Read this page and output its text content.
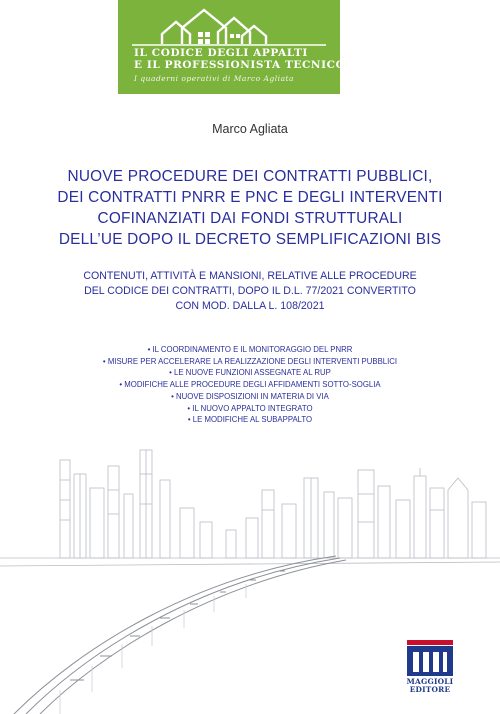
IL CODICE DEGLI APPALTI
E IL PROFESSIONISTA TECNICO
I quaderni operativi di Marco Agliata
Marco Agliata
NUOVE PROCEDURE DEI CONTRATTI PUBBLICI,
DEI CONTRATTI PNRR E PNC E DEGLI INTERVENTI
COFINANZIATI DAI FONDI STRUTTURALI
DELL’UE DOPO IL DECRETO SEMPLIFICAZIONI BIS
CONTENUTI, ATTIVITÀ E MANSIONI, RELATIVE ALLE PROCEDURE
DEL CODICE DEI CONTRATTI, DOPO IL D.L. 77/2021 CONVERTITO
CON MOD. DALLA L. 108/2021
• IL COORDINAMENTO E IL MONITORAGGIO DEL PNRR
• MISURE PER ACCELERARE LA REALIZZAZIONE DEGLI INTERVENTI PUBBLICI
• LE NUOVE FUNZIONI ASSEGNATE AL RUP
• MODIFICHE ALLE PROCEDURE DEGLI AFFIDAMENTI SOTTO-SOGLIA
• NUOVE DISPOSIZIONI IN MATERIA DI VIA
• IL NUOVO APPALTO INTEGRATO
• LE MODIFICHE AL SUBAPPALTO
MAGGIOLI
EDITORE
